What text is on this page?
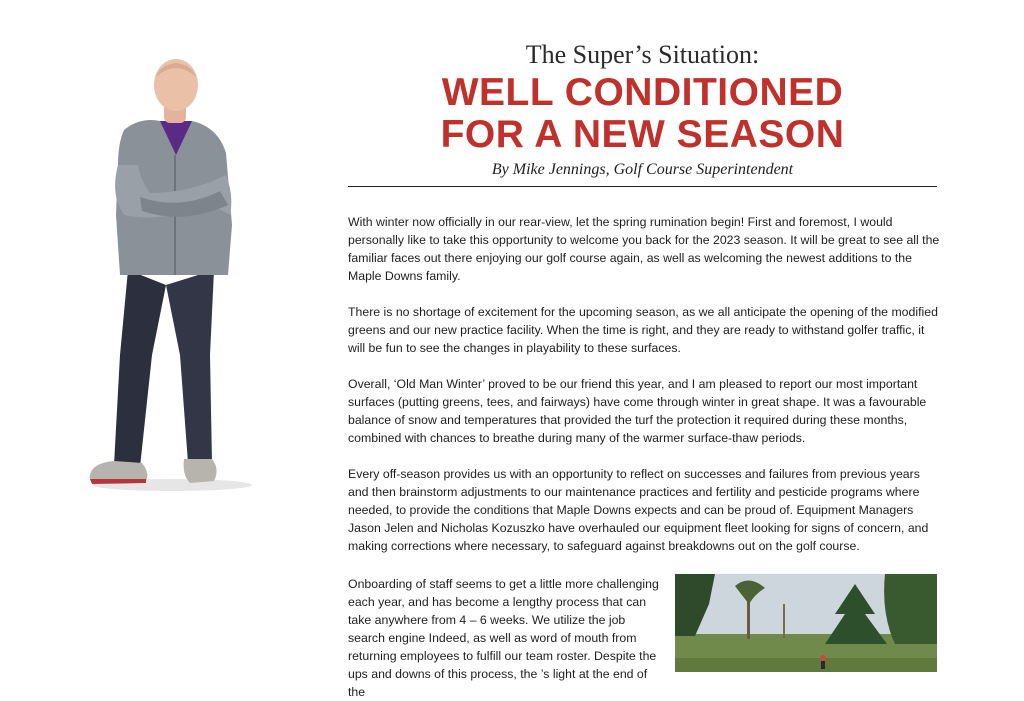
The Super’s Situation:

WELL CONDITIONED
FOR A NEW SEASON

By Mike Jennings, Golf Course Superintendent

With winter now officially in our rear-view, let the spring rumination begin! First and foremost, I would personally like to take this opportunity to welcome you back for the 2023 season. It will be great to see all the familiar faces out there enjoying our golf course again, as well as welcoming the newest additions to the Maple Downs family.

There is no shortage of excitement for the upcoming season, as we all anticipate the opening of the modified greens and our new practice facility. When the time is right, and they are ready to withstand golfer traffic, it will be fun to see the changes in playability to these surfaces.

Overall, ‘Old Man Winter’ proved to be our friend this year, and I am pleased to report our most important surfaces (putting greens, tees, and fairways) have come through winter in great shape. It was a favourable balance of snow and temperatures that provided the turf the protection it required during these months, combined with chances to breathe during many of the warmer surface-thaw periods.

Every off-season provides us with an opportunity to reflect on successes and failures from previous years and then brainstorm adjustments to our maintenance practices and fertility and pesticide programs where needed, to provide the conditions that Maple Downs expects and can be proud of. Equipment Managers Jason Jelen and Nicholas Kozuszko have overhauled our equipment fleet looking for signs of concern, and making corrections where necessary, to safeguard against breakdowns out on the golf course.

Onboarding of staff seems to get a little more challenging each year, and has become a lengthy process that can take anywhere from 4 – 6 weeks. We utilize the job search engine Indeed, as well as word of mouth from returning employees to fulfill our team roster. Despite the ups and downs of this process, the ’s light at the end of the
